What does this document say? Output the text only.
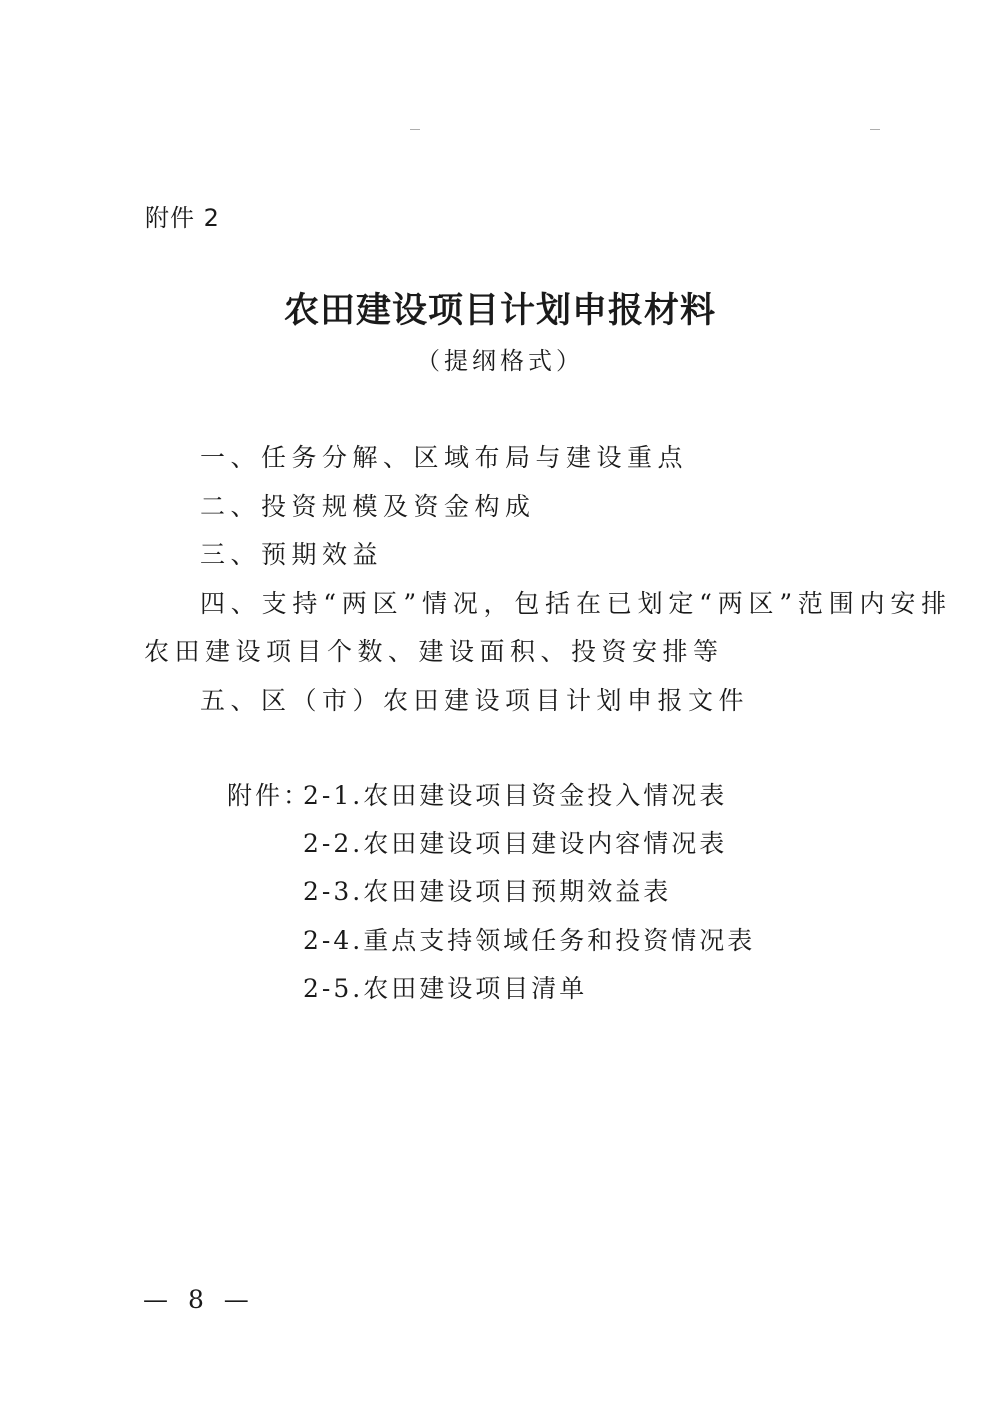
附件 2
农田建设项目计划申报材料
（提纲格式）
一、任务分解、区域布局与建设重点
二、投资规模及资金构成
三、预期效益
四、支持“两区”情况，包括在已划定“两区”范围内安排
农田建设项目个数、建设面积、投资安排等
五、区（市）农田建设项目计划申报文件
附件：
2-1.农田建设项目资金投入情况表
2-2.农田建设项目建设内容情况表
2-3.农田建设项目预期效益表
2-4.重点支持领域任务和投资情况表
2-5.农田建设项目清单
— 8 —
